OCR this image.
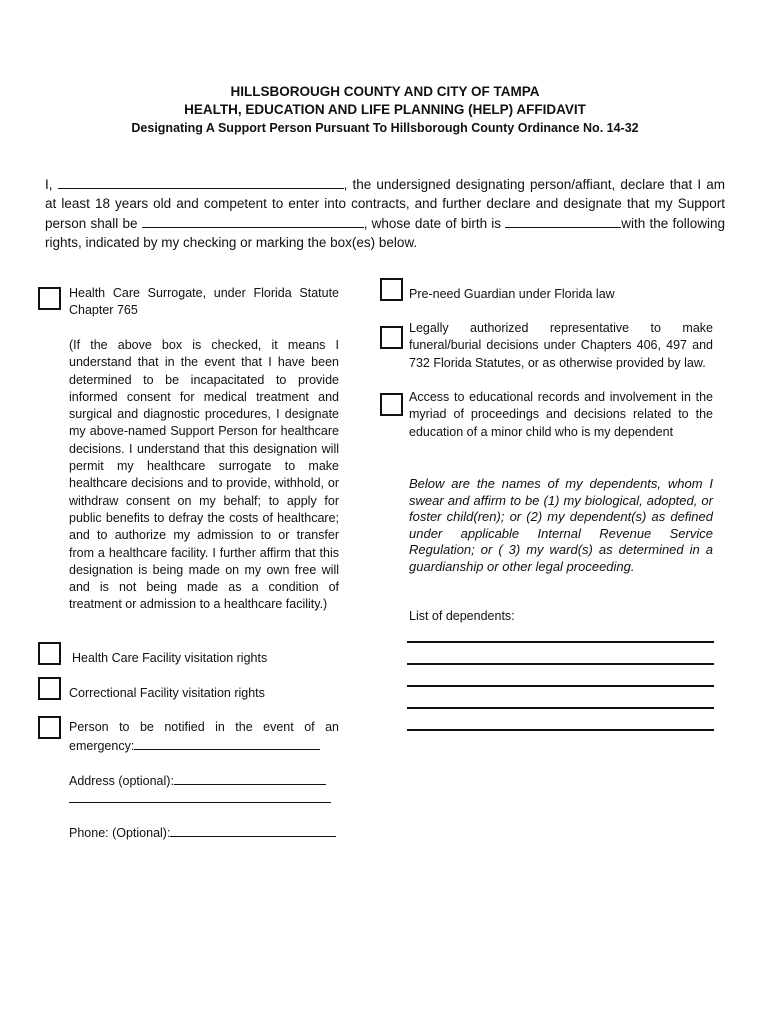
HILLSBOROUGH COUNTY AND CITY OF TAMPA
HEALTH, EDUCATION AND LIFE PLANNING (HELP) AFFIDAVIT
Designating A Support Person Pursuant To Hillsborough County Ordinance No. 14-32
I,	, the undersigned designating person/affiant, declare that I am at least 18 years old and competent to enter into contracts, and further declare and designate that my Support person shall be	, whose date of birth is	with the following rights, indicated by my checking or marking the box(es) below.
Health Care Surrogate, under Florida Statute Chapter 765
(If the above box is checked, it means I understand that in the event that I have been determined to be incapacitated to provide informed consent for medical treatment and surgical and diagnostic procedures, I designate my above-named Support Person for healthcare decisions. I understand that this designation will permit my healthcare surrogate to make healthcare decisions and to provide, withhold, or withdraw consent on my behalf; to apply for public benefits to defray the costs of healthcare; and to authorize my admission to or transfer from a healthcare facility. I further affirm that this designation is being made on my own free will and is not being made as a condition of treatment or admission to a healthcare facility.)
Health Care Facility visitation rights
Correctional Facility visitation rights
Person to be notified in the event of an emergency:
Address (optional):
Phone: (Optional):
Pre-need Guardian under Florida law
Legally authorized representative to make funeral/burial decisions under Chapters 406, 497 and 732 Florida Statutes, or as otherwise provided by law.
Access to educational records and involvement in the myriad of proceedings and decisions related to the education of a minor child who is my dependent
Below are the names of my dependents, whom I swear and affirm to be (1) my biological, adopted, or foster child(ren); or (2) my dependent(s) as defined under applicable Internal Revenue Service Regulation; or ( 3) my ward(s) as determined in a guardianship or other legal proceeding.
List of dependents:
